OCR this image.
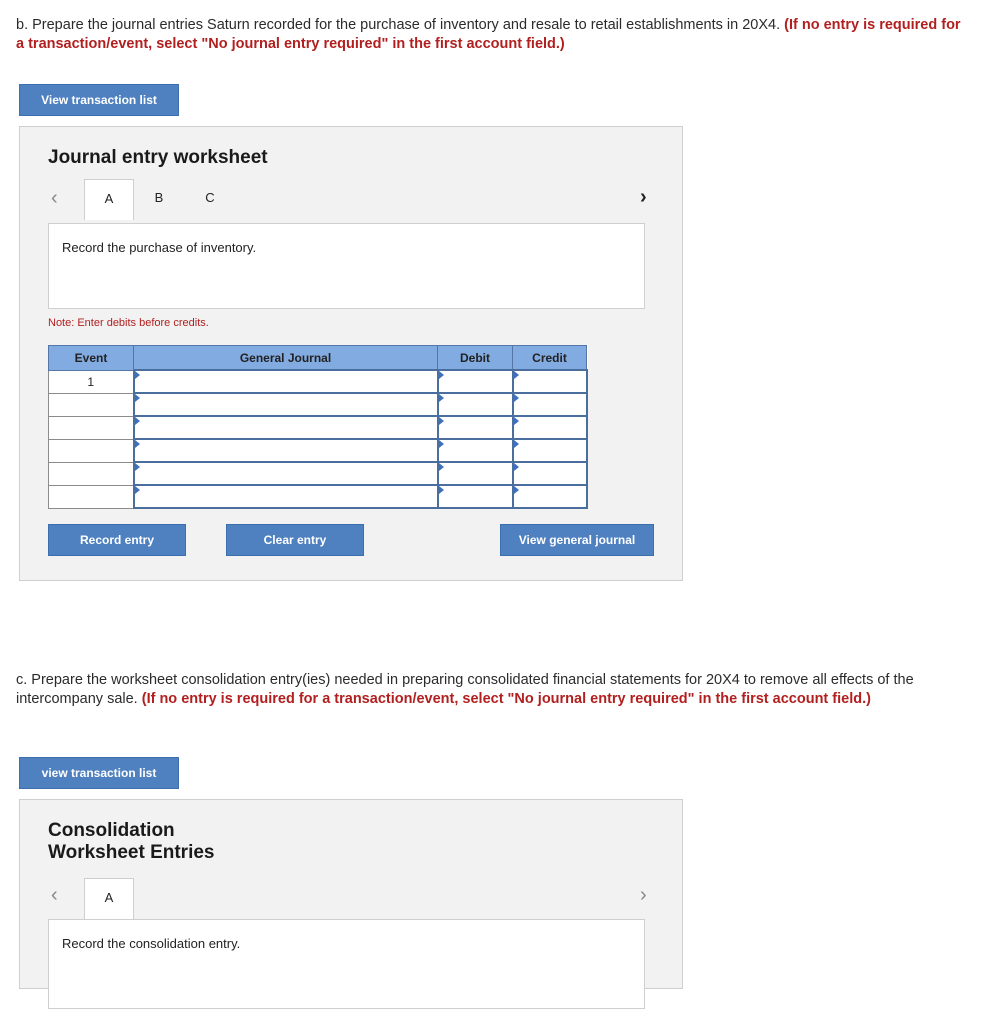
b. Prepare the journal entries Saturn recorded for the purchase of inventory and resale to retail establishments in 20X4. (If no entry is required for a transaction/event, select "No journal entry required" in the first account field.)
View transaction list
Journal entry worksheet
‹	A	B	C	›
Record the purchase of inventory.
Note: Enter debits before credits.
Event	General Journal	Debit	Credit
1			

Record entry	Clear entry	View general journal
c. Prepare the worksheet consolidation entry(ies) needed in preparing consolidated financial statements for 20X4 to remove all effects of the intercompany sale. (If no entry is required for a transaction/event, select "No journal entry required" in the first account field.)
view transaction list
Consolidation
Worksheet Entries
‹	A	›
Record the consolidation entry.
